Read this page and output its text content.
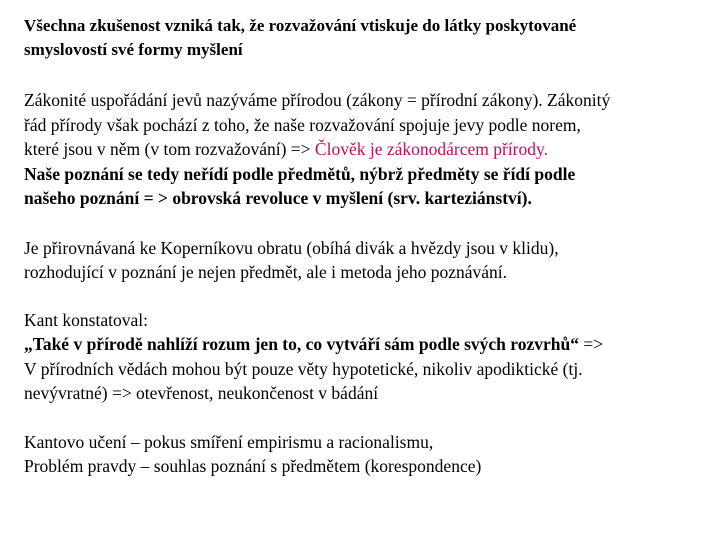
Všechna zkušenost vzniká tak, že rozvažování vtiskuje do látky poskytované
smyslovostí své formy myšlení

Zákonité uspořádání jevů nazýváme přírodou (zákony = přírodní zákony). Zákonitý
řád přírody však pochází z toho, že naše rozvažování spojuje jevy podle norem,
které jsou v něm (v tom rozvažování) => Člověk je zákonodárcem přírody.
Naše poznání se tedy neřídí podle předmětů, nýbrž předměty se řídí podle
našeho poznání = > obrovská revoluce v myšlení (srv. karteziánství).

Je přirovnávaná ke Koperníkovu obratu (obíhá divák a hvězdy jsou v klidu),
rozhodující v poznání je nejen předmět, ale i metoda jeho poznávání.

Kant konstatoval:
„Také v přírodě nahlíží rozum jen to, co vytváří sám podle svých rozvrhů“ =>
V přírodních vědách mohou být pouze věty hypotetické, nikoliv apodiktické (tj.
nevývratné) => otevřenost, neukončenost v bádání

Kantovo učení – pokus smíření empirismu a racionalismu,
Problém pravdy – souhlas poznání s předmětem (korespondence)
